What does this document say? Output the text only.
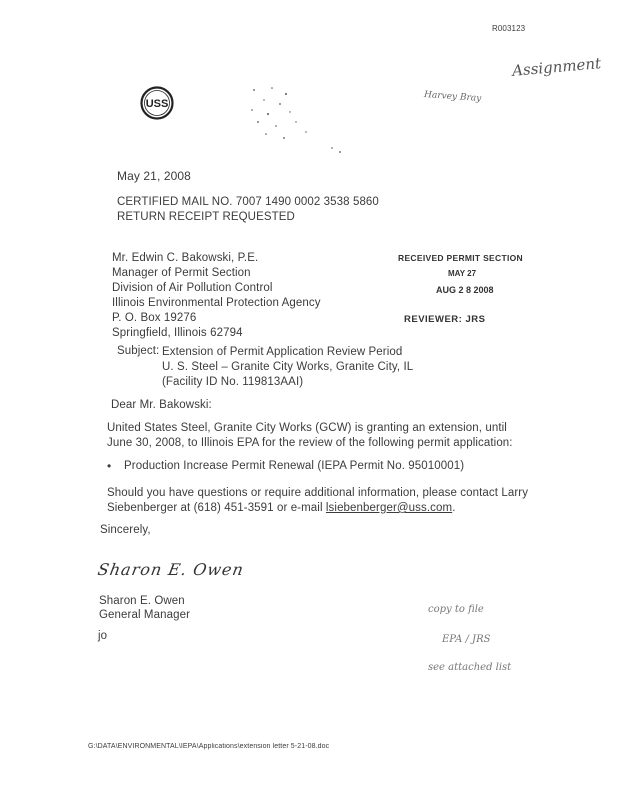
R003123
Assignment
USS
Harvey Bray
May 21, 2008
CERTIFIED MAIL NO. 7007 1490 0002 3538 5860
RETURN RECEIPT REQUESTED
Mr. Edwin C. Bakowski, P.E.
Manager of Permit Section
Division of Air Pollution Control
Illinois Environmental Protection Agency
P. O. Box 19276
Springfield, Illinois 62794
RECEIVED PERMIT SECTION
MAY 27
AUG 2 8 2008
REVIEWER: JRS
Subject: Extension of Permit Application Review Period
U. S. Steel – Granite City Works, Granite City, IL
(Facility ID No. 119813AAI)
Dear Mr. Bakowski:
United States Steel, Granite City Works (GCW) is granting an extension, until
June 30, 2008, to Illinois EPA for the review of the following permit application:
• Production Increase Permit Renewal (IEPA Permit No. 95010001)
Should you have questions or require additional information, please contact Larry
Siebenberger at (618) 451-3591 or e-mail lsiebenberger@uss.com.
Sincerely,
Sharon E. Owen
Sharon E. Owen
General Manager
jo
copy to file
EPA / JRS
see attached list
G:\DATA\ENVIRONMENTAL\IEPA\Applications\extension letter 5-21-08.doc
